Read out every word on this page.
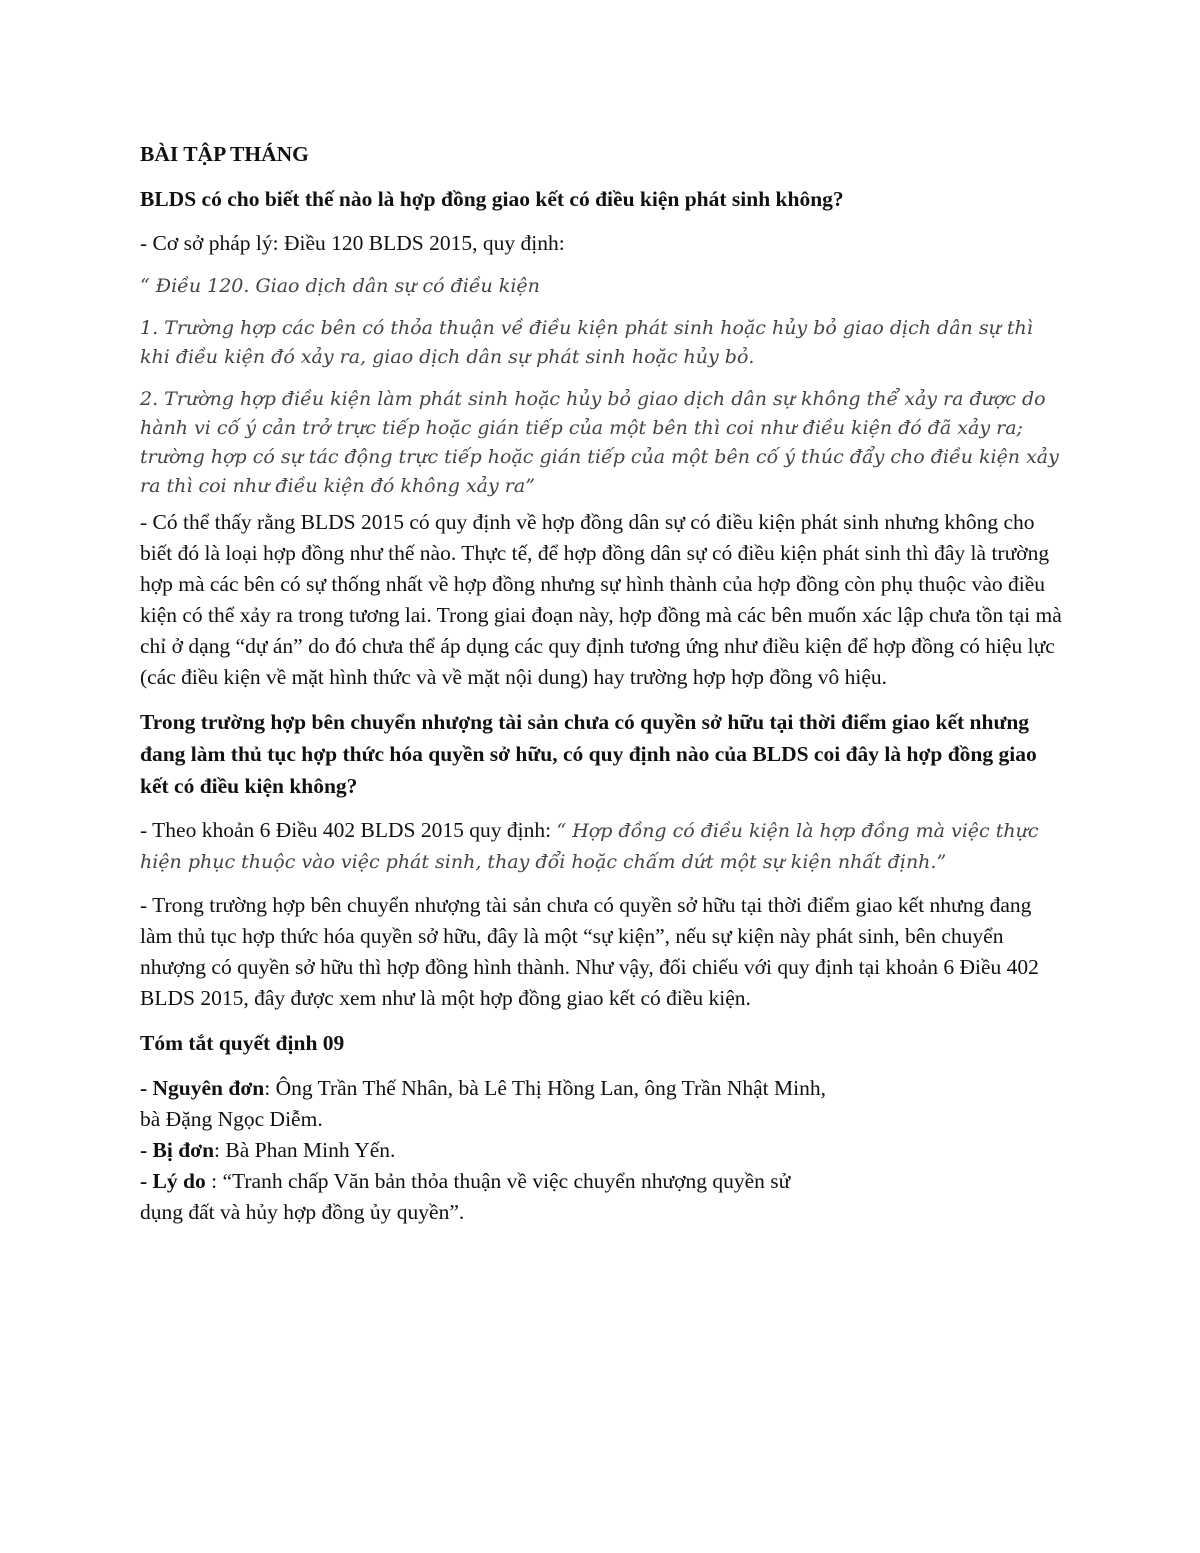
BÀI TẬP THÁNG

BLDS có cho biết thế nào là hợp đồng giao kết có điều kiện phát sinh không?

- Cơ sở pháp lý: Điều 120 BLDS 2015, quy định:

“ Điều 120. Giao dịch dân sự có điều kiện

1. Trường hợp các bên có thỏa thuận về điều kiện phát sinh hoặc hủy bỏ giao dịch dân sự thì khi điều kiện đó xảy ra, giao dịch dân sự phát sinh hoặc hủy bỏ.

2. Trường hợp điều kiện làm phát sinh hoặc hủy bỏ giao dịch dân sự không thể xảy ra được do hành vi cố ý cản trở trực tiếp hoặc gián tiếp của một bên thì coi như điều kiện đó đã xảy ra; trường hợp có sự tác động trực tiếp hoặc gián tiếp của một bên cố ý thúc đẩy cho điều kiện xảy ra thì coi như điều kiện đó không xảy ra”

- Có thể thấy rằng BLDS 2015 có quy định về hợp đồng dân sự có điều kiện phát sinh nhưng không cho biết đó là loại hợp đồng như thế nào. Thực tế, để hợp đồng dân sự có điều kiện phát sinh thì đây là trường hợp mà các bên có sự thống nhất về hợp đồng nhưng sự hình thành của hợp đồng còn phụ thuộc vào điều kiện có thể xảy ra trong tương lai. Trong giai đoạn này, hợp đồng mà các bên muốn xác lập chưa tồn tại mà chỉ ở dạng “dự án” do đó chưa thể áp dụng các quy định tương ứng như điều kiện để hợp đồng có hiệu lực (các điều kiện về mặt hình thức và về mặt nội dung) hay trường hợp hợp đồng vô hiệu.

Trong trường hợp bên chuyển nhượng tài sản chưa có quyền sở hữu tại thời điểm giao kết nhưng đang làm thủ tục hợp thức hóa quyền sở hữu, có quy định nào của BLDS coi đây là hợp đồng giao kết có điều kiện không?

- Theo khoản 6 Điều 402 BLDS 2015 quy định: “ Hợp đồng có điều kiện là hợp đồng mà việc thực hiện phục thuộc vào việc phát sinh, thay đổi hoặc chấm dứt một sự kiện nhất định.”

- Trong trường hợp bên chuyển nhượng tài sản chưa có quyền sở hữu tại thời điểm giao kết nhưng đang làm thủ tục hợp thức hóa quyền sở hữu, đây là một “sự kiện”, nếu sự kiện này phát sinh, bên chuyển nhượng có quyền sở hữu thì hợp đồng hình thành. Như vậy, đối chiếu với quy định tại khoản 6 Điều 402 BLDS 2015, đây được xem như là một hợp đồng giao kết có điều kiện.

Tóm tắt quyết định 09

- Nguyên đơn: Ông Trần Thế Nhân, bà Lê Thị Hồng Lan, ông Trần Nhật Minh,
bà Đặng Ngọc Diễm.
- Bị đơn: Bà Phan Minh Yến.
- Lý do : “Tranh chấp Văn bản thỏa thuận về việc chuyển nhượng quyền sử
dụng đất và hủy hợp đồng ủy quyền”.
